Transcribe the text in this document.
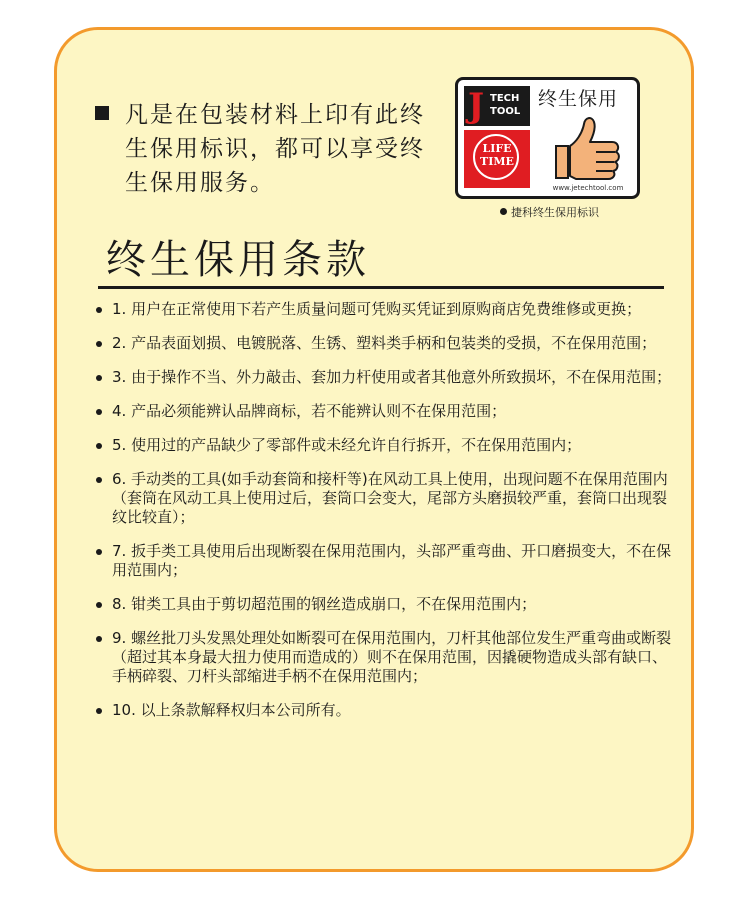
凡是在包装材料上印有此终生保用标识，都可以享受终生保用服务。

J TECH TOOL
LIFE TIME
终生保用
www.jetechtool.com
捷科终生保用标识
终生保用条款
1. 用户在正常使用下若产生质量问题可凭购买凭证到原购商店免费维修或更换；
2. 产品表面划损、电镀脱落、生锈、塑料类手柄和包装类的受损，不在保用范围；
3. 由于操作不当、外力敲击、套加力杆使用或者其他意外所致损坏，不在保用范围；
4. 产品必须能辨认品牌商标，若不能辨认则不在保用范围；
5. 使用过的产品缺少了零部件或未经允许自行拆开，不在保用范围内；
6. 手动类的工具(如手动套筒和接杆等)在风动工具上使用，出现问题不在保用范围内（套筒在风动工具上使用过后，套筒口会变大，尾部方头磨损较严重，套筒口出现裂纹比较直）；
7. 扳手类工具使用后出现断裂在保用范围内，头部严重弯曲、开口磨损变大，不在保用范围内；
8. 钳类工具由于剪切超范围的钢丝造成崩口，不在保用范围内；
9. 螺丝批刀头发黑处理处如断裂可在保用范围内，刀杆其他部位发生严重弯曲或断裂（超过其本身最大扭力使用而造成的）则不在保用范围，因撬硬物造成头部有缺口、 手柄碎裂、刀杆头部缩进手柄不在保用范围内；
10. 以上条款解释权归本公司所有。
